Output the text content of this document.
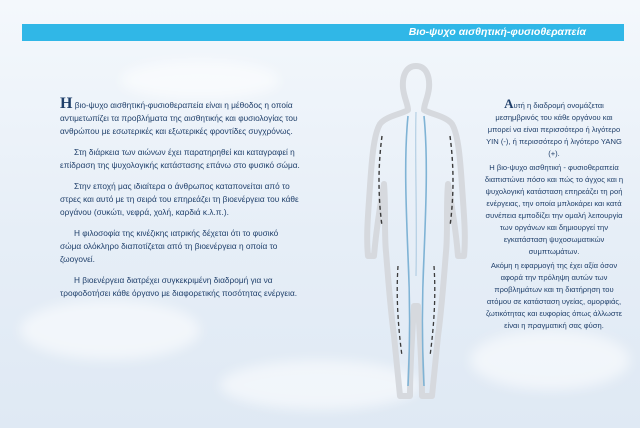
Βιο-ψυχο αισθητική-φυσιοθεραπεία

Η βιο-ψυχο αισθητική-φυσιοθεραπεία είναι η μέθοδος η οποία αντιμετωπίζει τα προβλήματα της αισθητικής και φυσιολογίας του ανθρώπου με εσωτερικές και εξωτερικές φροντίδες συγχρόνως.

Στη διάρκεια των αιώνων έχει παρατηρηθεί και καταγραφεί η επίδραση της ψυχολογικής κατάστασης επάνω στο φυσικό σώμα.

Στην εποχή μας ιδιαίτερα ο άνθρωπος καταπονείται από το στρες και αυτό με τη σειρά του επηρεάζει τη βιοενέργεια του κάθε οργάνου (συκώτι, νεφρά, χολή, καρδιά κ.λ.π.).

Η φιλοσοφία της κινέζικης ιατρικής δέχεται ότι το φυσικό σώμα ολόκληρο διαποτίζεται από τη βιοενέργεια η οποία το ζωογονεί.

Η βιοενέργεια διατρέχει συγκεκριμένη διαδρομή για να τροφοδοτήσει κάθε όργανο με διαφορετικής ποσότητας ενέργεια.

Αυτή η διαδρομή ονομάζεται μεσημβρινός του κάθε οργάνου και μπορεί να είναι περισσότερο ή λιγότερο YIN (-), ή περισσότερο ή λιγότερο YANG (+).

Η βιο-ψυχο αισθητική - φυσιοθεραπεία διαπιστώνει πόσο και πώς το άγχος και η ψυχολογική κατάσταση επηρεάζει τη ροή ενέργειας, την οποία μπλοκάρει και κατά συνέπεια εμποδίζει την ομαλή λειτουργία των οργάνων και δημιουργεί την εγκατάσταση ψυχοσωματικών συμπτωμάτων.

Ακόμη η εφαρμογή της έχει αξία όσον αφορά την πρόληψη αυτών των προβλημάτων και τη διατήρηση του ατόμου σε κατάσταση υγείας, ομορφιάς, ζωτικότητας και ευφορίας όπως άλλωστε είναι η πραγματική σας φύση.
